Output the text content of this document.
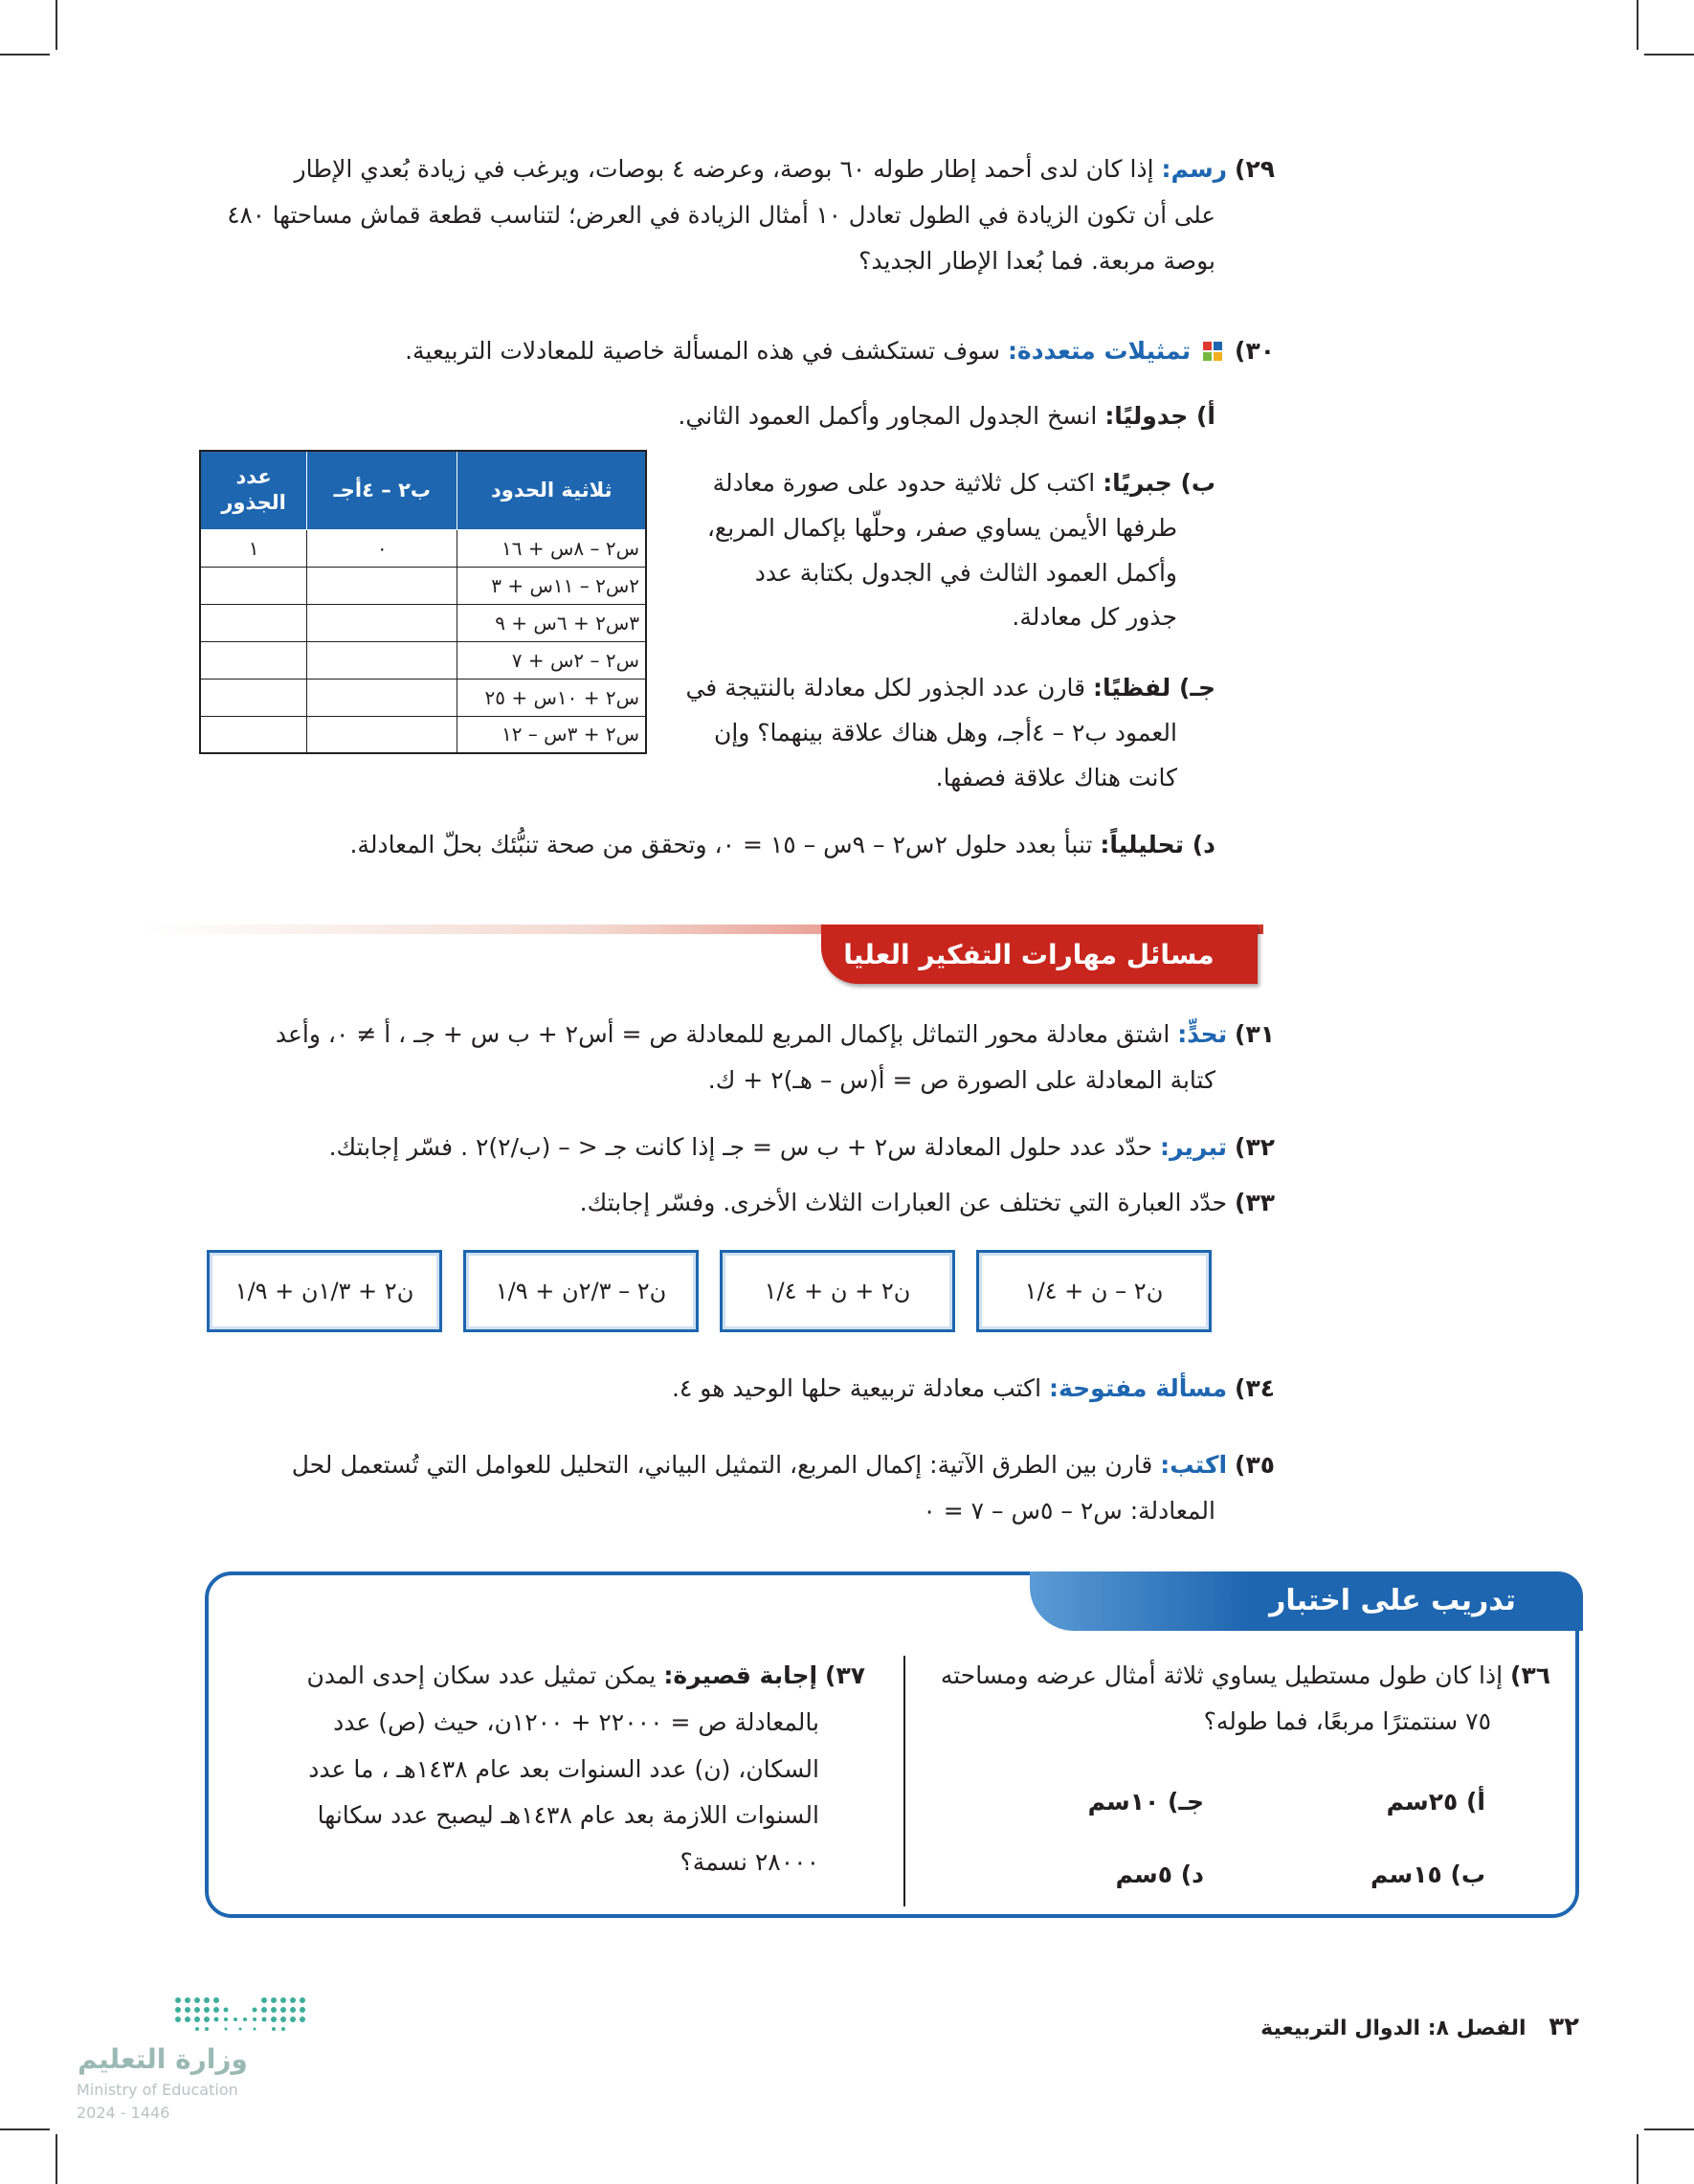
٢٩) رسم: إذا كان لدى أحمد إطار طوله ٦٠ بوصة، وعرضه ٤ بوصات، ويرغب في زيادة بُعدي الإطار
على أن تكون الزيادة في الطول تعادل ١٠ أمثال الزيادة في العرض؛ لتناسب قطعة قماش مساحتها ٤٨٠
بوصة مربعة. فما بُعدا الإطار الجديد؟
٣٠)  تمثيلات متعددة: سوف تستكشف في هذه المسألة خاصية للمعادلات التربيعية.
أ) جدوليًا: انسخ الجدول المجاور وأكمل العمود الثاني.
ب) جبريًا: اكتب كل ثلاثية حدود على صورة معادلة
طرفها الأيمن يساوي صفر، وحلّها بإكمال المربع،
وأكمل العمود الثالث في الجدول بكتابة عدد
جذور كل معادلة.
جـ) لفظيًا: قارن عدد الجذور لكل معادلة بالنتيجة في
العمود ب٢ – ٤أجـ، وهل هناك علاقة بينهما؟ وإن
كانت هناك علاقة فصفها.
ثلاثية الحدود	ب٢ – ٤أجـ	عدد الجذور
س٢ – ٨س + ١٦	٠	١
٢س٢ – ١١س + ٣		
٣س٢ + ٦س + ٩		
س٢ – ٢س + ٧		
س٢ + ١٠س + ٢٥		
س٢ + ٣س – ١٢		
د) تحليلياً: تنبأ بعدد حلول ٢س٢ – ٩س – ١٥ = ٠، وتحقق من صحة تنبُّئك بحلّ المعادلة.
مسائل مهارات التفكير العليا
٣١) تحدٍّ: اشتق معادلة محور التماثل بإكمال المربع للمعادلة ص = أس٢ + ب س + جـ ، أ ≠ ٠، وأعد
كتابة المعادلة على الصورة ص = أ(س – هـ)٢ + ك.
٣٢) تبرير: حدّد عدد حلول المعادلة س٢ + ب س = جـ إذا كانت جـ < – (ب/٢)٢ . فسّر إجابتك.
٣٣) حدّد العبارة التي تختلف عن العبارات الثلاث الأخرى. وفسّر إجابتك.
ن٢ – ن + ١/٤
ن٢ + ن + ١/٤
ن٢ – ٢/٣ن + ١/٩
ن٢ + ١/٣ن + ١/٩
٣٤) مسألة مفتوحة: اكتب معادلة تربيعية حلها الوحيد هو ٤.
٣٥) اكتب: قارن بين الطرق الآتية: إكمال المربع، التمثيل البياني، التحليل للعوامل التي تُستعمل لحل
المعادلة: س٢ – ٥س – ٧ = ٠
تدريب على اختبار
٣٦) إذا كان طول مستطيل يساوي ثلاثة أمثال عرضه ومساحته
٧٥ سنتمترًا مربعًا، فما طوله؟
أ) ٢٥سم
جـ) ١٠سم
ب) ١٥سم
د) ٥سم
٣٧) إجابة قصيرة: يمكن تمثيل عدد سكان إحدى المدن
بالمعادلة ص = ٢٢٠٠٠ + ١٢٠٠ن، حيث (ص) عدد
السكان، (ن) عدد السنوات بعد عام ١٤٣٨هـ ، ما عدد
السنوات اللازمة بعد عام ١٤٣٨هـ ليصبح عدد سكانها
٢٨٠٠٠ نسمة؟
٣٢ الفصل ٨: الدوال التربيعية
وزارة التعليم
Ministry of Education
2024 - 1446
